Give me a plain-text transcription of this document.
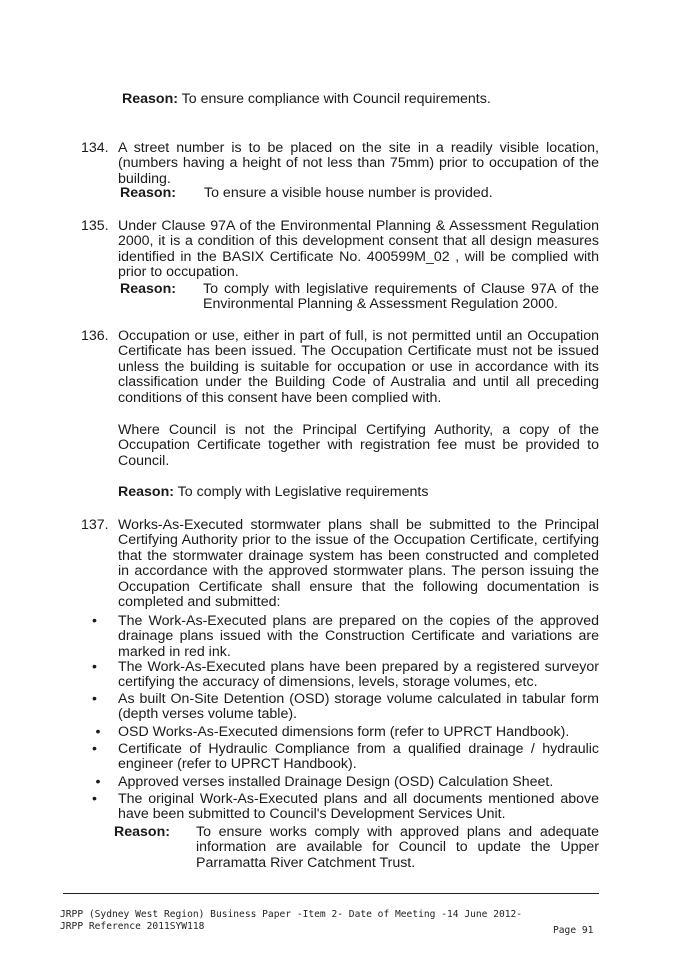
Reason: To ensure compliance with Council requirements.
134. A street number is to be placed on the site in a readily visible location, (numbers having a height of not less than 75mm) prior to occupation of the building.
Reason: To ensure a visible house number is provided.
135. Under Clause 97A of the Environmental Planning & Assessment Regulation 2000, it is a condition of this development consent that all design measures identified in the BASIX Certificate No. 400599M_02 , will be complied with prior to occupation.
Reason: To comply with legislative requirements of Clause 97A of the Environmental Planning & Assessment Regulation 2000.
136. Occupation or use, either in part of full, is not permitted until an Occupation Certificate has been issued. The Occupation Certificate must not be issued unless the building is suitable for occupation or use in accordance with its classification under the Building Code of Australia and until all preceding conditions of this consent have been complied with.
Where Council is not the Principal Certifying Authority, a copy of the Occupation Certificate together with registration fee must be provided to Council.
Reason: To comply with Legislative requirements
137. Works-As-Executed stormwater plans shall be submitted to the Principal Certifying Authority prior to the issue of the Occupation Certificate, certifying that the stormwater drainage system has been constructed and completed in accordance with the approved stormwater plans. The person issuing the Occupation Certificate shall ensure that the following documentation is completed and submitted:
•	The Work-As-Executed plans are prepared on the copies of the approved drainage plans issued with the Construction Certificate and variations are marked in red ink.
•	The Work-As-Executed plans have been prepared by a registered surveyor certifying the accuracy of dimensions, levels, storage volumes, etc.
•	As built On-Site Detention (OSD) storage volume calculated in tabular form (depth verses volume table).
• OSD Works-As-Executed dimensions form (refer to UPRCT Handbook).
•	Certificate of Hydraulic Compliance from a qualified drainage / hydraulic engineer (refer to UPRCT Handbook).
• Approved verses installed Drainage Design (OSD) Calculation Sheet.
•	The original Work-As-Executed plans and all documents mentioned above have been submitted to Council's Development Services Unit.
Reason: To ensure works comply with approved plans and adequate information are available for Council to update the Upper Parramatta River Catchment Trust.
JRPP (Sydney West Region) Business Paper -Item 2- Date of Meeting -14 June 2012-
JRPP Reference 2011SYW118	Page 91
